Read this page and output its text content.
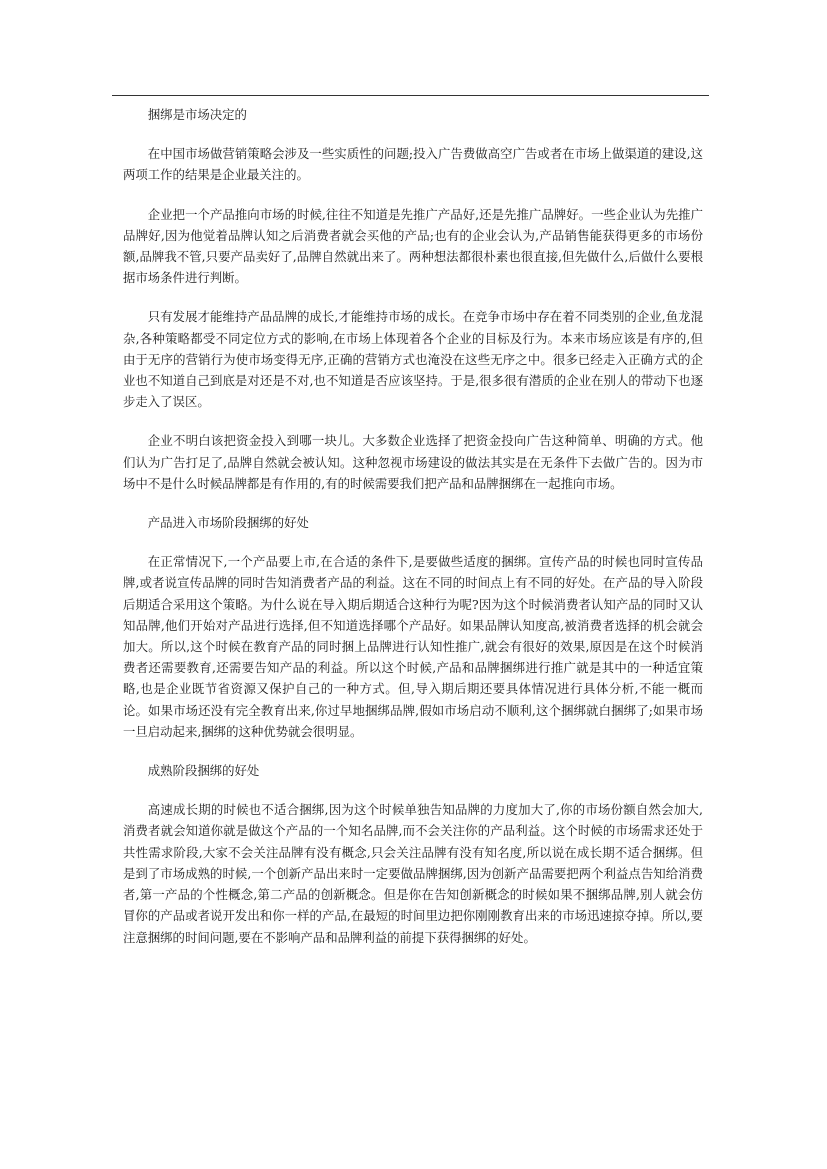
捆绑是市场决定的

在中国市场做营销策略会涉及一些实质性的问题;投入广告费做高空广告或者在市场上做渠道的建设,这两项工作的结果是企业最关注的。

企业把一个产品推向市场的时候,往往不知道是先推广产品好,还是先推广品牌好。一些企业认为先推广品牌好,因为他觉着品牌认知之后消费者就会买他的产品;也有的企业会认为,产品销售能获得更多的市场份额,品牌我不管,只要产品卖好了,品牌自然就出来了。两种想法都很朴素也很直接,但先做什么,后做什么要根据市场条件进行判断。

只有发展才能维持产品品牌的成长,才能维持市场的成长。在竞争市场中存在着不同类别的企业,鱼龙混杂,各种策略都受不同定位方式的影响,在市场上体现着各个企业的目标及行为。本来市场应该是有序的,但由于无序的营销行为使市场变得无序,正确的营销方式也淹没在这些无序之中。很多已经走入正确方式的企业也不知道自己到底是对还是不对,也不知道是否应该坚持。于是,很多很有潜质的企业在别人的带动下也逐步走入了误区。

企业不明白该把资金投入到哪一块儿。大多数企业选择了把资金投向广告这种简单、明确的方式。他们认为广告打足了,品牌自然就会被认知。这种忽视市场建设的做法其实是在无条件下去做广告的。因为市场中不是什么时候品牌都是有作用的,有的时候需要我们把产品和品牌捆绑在一起推向市场。

产品进入市场阶段捆绑的好处

在正常情况下,一个产品要上市,在合适的条件下,是要做些适度的捆绑。宣传产品的时候也同时宣传品牌,或者说宣传品牌的同时告知消费者产品的利益。这在不同的时间点上有不同的好处。在产品的导入阶段后期适合采用这个策略。为什么说在导入期后期适合这种行为呢?因为这个时候消费者认知产品的同时又认知品牌,他们开始对产品进行选择,但不知道选择哪个产品好。如果品牌认知度高,被消费者选择的机会就会加大。所以,这个时候在教育产品的同时捆上品牌进行认知性推广,就会有很好的效果,原因是在这个时候消费者还需要教育,还需要告知产品的利益。所以这个时候,产品和品牌捆绑进行推广就是其中的一种适宜策略,也是企业既节省资源又保护自己的一种方式。但,导入期后期还要具体情况进行具体分析,不能一概而论。如果市场还没有完全教育出来,你过早地捆绑品牌,假如市场启动不顺利,这个捆绑就白捆绑了;如果市场一旦启动起来,捆绑的这种优势就会很明显。

成熟阶段捆绑的好处

高速成长期的时候也不适合捆绑,因为这个时候单独告知品牌的力度加大了,你的市场份额自然会加大,消费者就会知道你就是做这个产品的一个知名品牌,而不会关注你的产品利益。这个时候的市场需求还处于共性需求阶段,大家不会关注品牌有没有概念,只会关注品牌有没有知名度,所以说在成长期不适合捆绑。但是到了市场成熟的时候,一个创新产品出来时一定要做品牌捆绑,因为创新产品需要把两个利益点告知给消费者,第一产品的个性概念,第二产品的创新概念。但是你在告知创新概念的时候如果不捆绑品牌,别人就会仿冒你的产品或者说开发出和你一样的产品,在最短的时间里边把你刚刚教育出来的市场迅速掠夺掉。所以,要注意捆绑的时间问题,要在不影响产品和品牌利益的前提下获得捆绑的好处。
